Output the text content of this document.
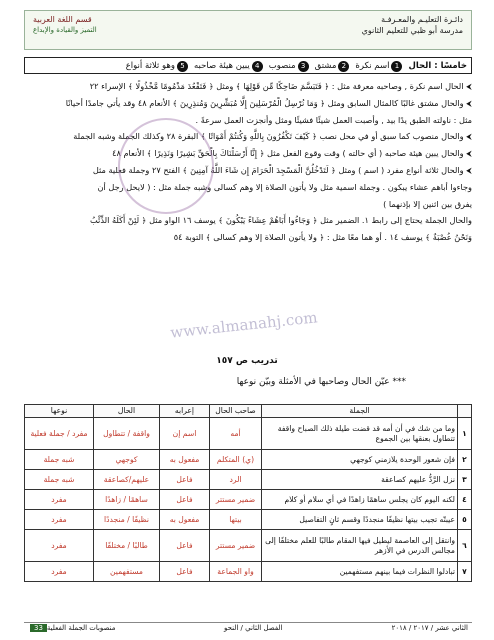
دائـرة التعليـم والمعـرفـة
مدرسة أبو ظبي للتعليم الثانوي
قسم اللغة العربية
التميز والقيادة والإبداع
خامسًا : الحال
1اسم نكرة
2مشتق
3منصوب
4يبين هيئة صاحبه
5وهو ثلاثة أنواع
⮜ الحال اسم نكرة , وصاحبه معرفة مثل : ﴿ فَتَبَسَّمَ ضَاحِكًا مِّن قَوْلِهَا ﴾ ومثل ﴿ فَتَقْعُدَ مَذْمُومًا مَّخْذُولًا ﴾ الإسراء ٢٢
⮜ والحال مشتق غالبًا كالمثال السابق ومثل ﴿ وَمَا نُرْسِلُ الْمُرْسَلِينَ إِلَّا مُبَشِّرِينَ وَمُنذِرِينَ ﴾ الأنعام ٤٨ وقد يأتي جامدًا أحيانًا
مثل : ناولته الطبق يدًا بيد , وأصبت العمل شيئًا فشيئًا ومثل وأنجزت العمل سرعةً .
⮜ والحال منصوب كما سبق أو في محل نصب ﴿ كَيْفَ تَكْفُرُونَ بِاللَّهِ وَكُنتُمْ أَمْوَاتًا ﴾ البقرة ٢٨ وكذلك الجملة وشبه الجملة
⮜ والحال يبين هيئة صاحبه ( أي حالته ) وقت وقوع الفعل مثل ﴿ إِنَّا أَرْسَلْنَاكَ بِالْحَقِّ بَشِيرًا وَنَذِيرًا ﴾ الأنعام ٤٨
⮜ والحال ثلاثة أنواع مفرد ( اسم ) ومثل ﴿ لَتَدْخُلُنَّ الْمَسْجِدَ الْحَرَامَ إِن شَاءَ اللَّهُ آمِنِينَ ﴾ الفتح ٢٧ وجملة فعلية مثل
وجاءوا أباهم عشاء يبكون . وجملة اسمية مثل ولا يأتون الصلاة إلا وهم كسالى وشبه جملة مثل : ( لايحل رجل أن
يفرق بين اثنين إلا بإذنهما )
والحال الجملة يحتاج إلى رابط ١. الضمير مثل ﴿ وَجَاءُوا أَبَاهُمْ عِشَاءً يَبْكُونَ ﴾ يوسف ١٦ الواو مثل ﴿ لَئِنْ أَكَلَهُ الذِّئْبُ
وَنَحْنُ عُصْبَةٌ ﴾ يوسف ١٤ . أو هما معًا مثل : ﴿ ولا يأتون الصلاة إلا وهم كسالى ﴾ التوبة ٥٤
www.almanahj.com
تدريب ص ١٥٧
*** عيّن الحال وصاحبها في الأمثلة وبيّن نوعها
	الجملة	صاحب الحال	إعرابه	الحال	نوعها
١	وما من شك في أن أمه قد قضت طيلة ذلك الصباح واقفة تتطاول بعنقها بين الجموع	أمه	اسم إن	واقفة / تتطاول	مفرد / جملة فعلية
٢	فإن شعور الوحدة يلازمني كوجهي	(ي) المتكلم	مفعول به	كوجهي	شبه جملة
٣	نزل الرَّدُّ عليهم كصاعقة	الرد	فاعل	عليهم/كصاعقة	شبه جملة
٤	لكنه اليوم كان يجلس ساهمًا زاهدًا في أي سلام أو كلام	ضمير مستتر	فاعل	ساهمًا / زاهدًا	مفرد
٥	عيبتّه تجيب بيتها نظيفًا منجددًا وقسم ثانٍ التفاصيل	بيتها	مفعول به	نظيفًا / منجددًا	مفرد
٦	وانتقل إلى العاصمة ليطيل فيها المقام طالبًا للعلم مختلفًا إلى مجالس الدرس في الأزهر	ضمير مستتر	فاعل	طالبًا / مختلفًا	مفرد
٧	تبادلوا النظرات فيما بينهم مستفهمين	واو الجماعة	فاعل	مستفهمين	مفرد
الثاني عشر / ٢٠١٧ / ٢٠١٨
الفصل الثاني / النحو
منصوبات الجملة الفعلية33
